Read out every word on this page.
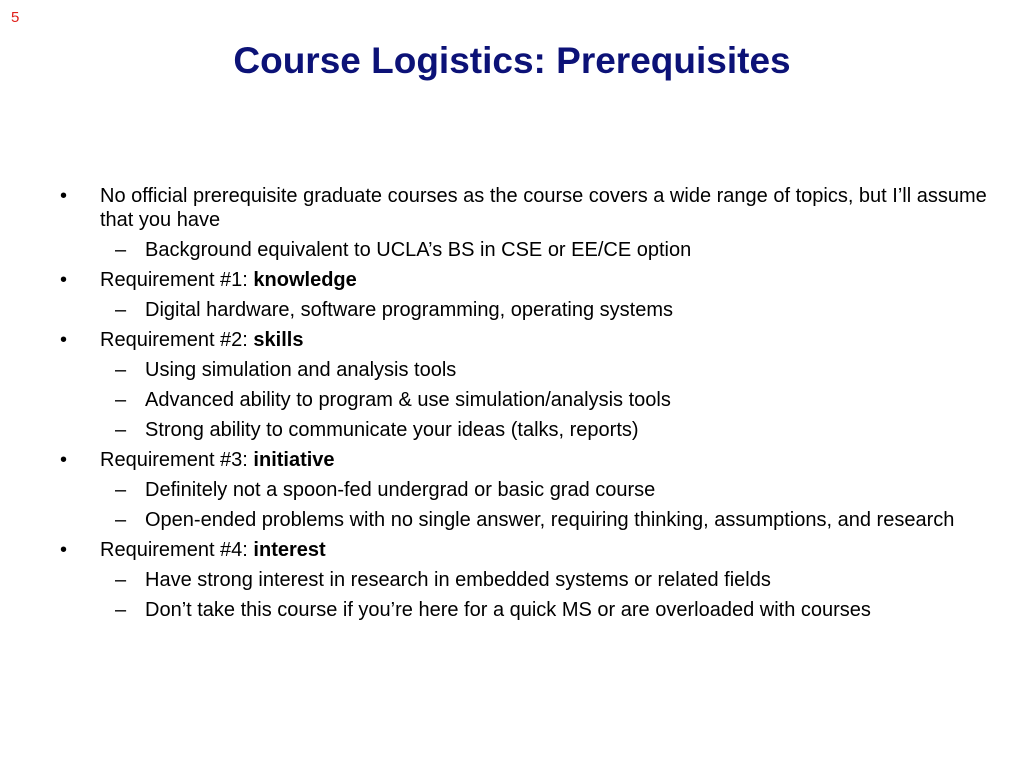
5
Course Logistics: Prerequisites
•	No official prerequisite graduate courses as the course covers a wide range of topics, but I’ll assume that you have
– Background equivalent to UCLA’s BS in CSE or EE/CE option
•	Requirement #1: knowledge
– Digital hardware, software programming, operating systems
•	Requirement #2: skills
– Using simulation and analysis tools
– Advanced ability to program & use simulation/analysis tools
– Strong ability to communicate your ideas (talks, reports)
•	Requirement #3: initiative
– Definitely not a spoon-fed undergrad or basic grad course
– Open-ended problems with no single answer, requiring thinking, assumptions, and research
•	Requirement #4: interest
– Have strong interest in research in embedded systems or related fields
– Don’t take this course if you’re here for a quick MS or are overloaded with courses
